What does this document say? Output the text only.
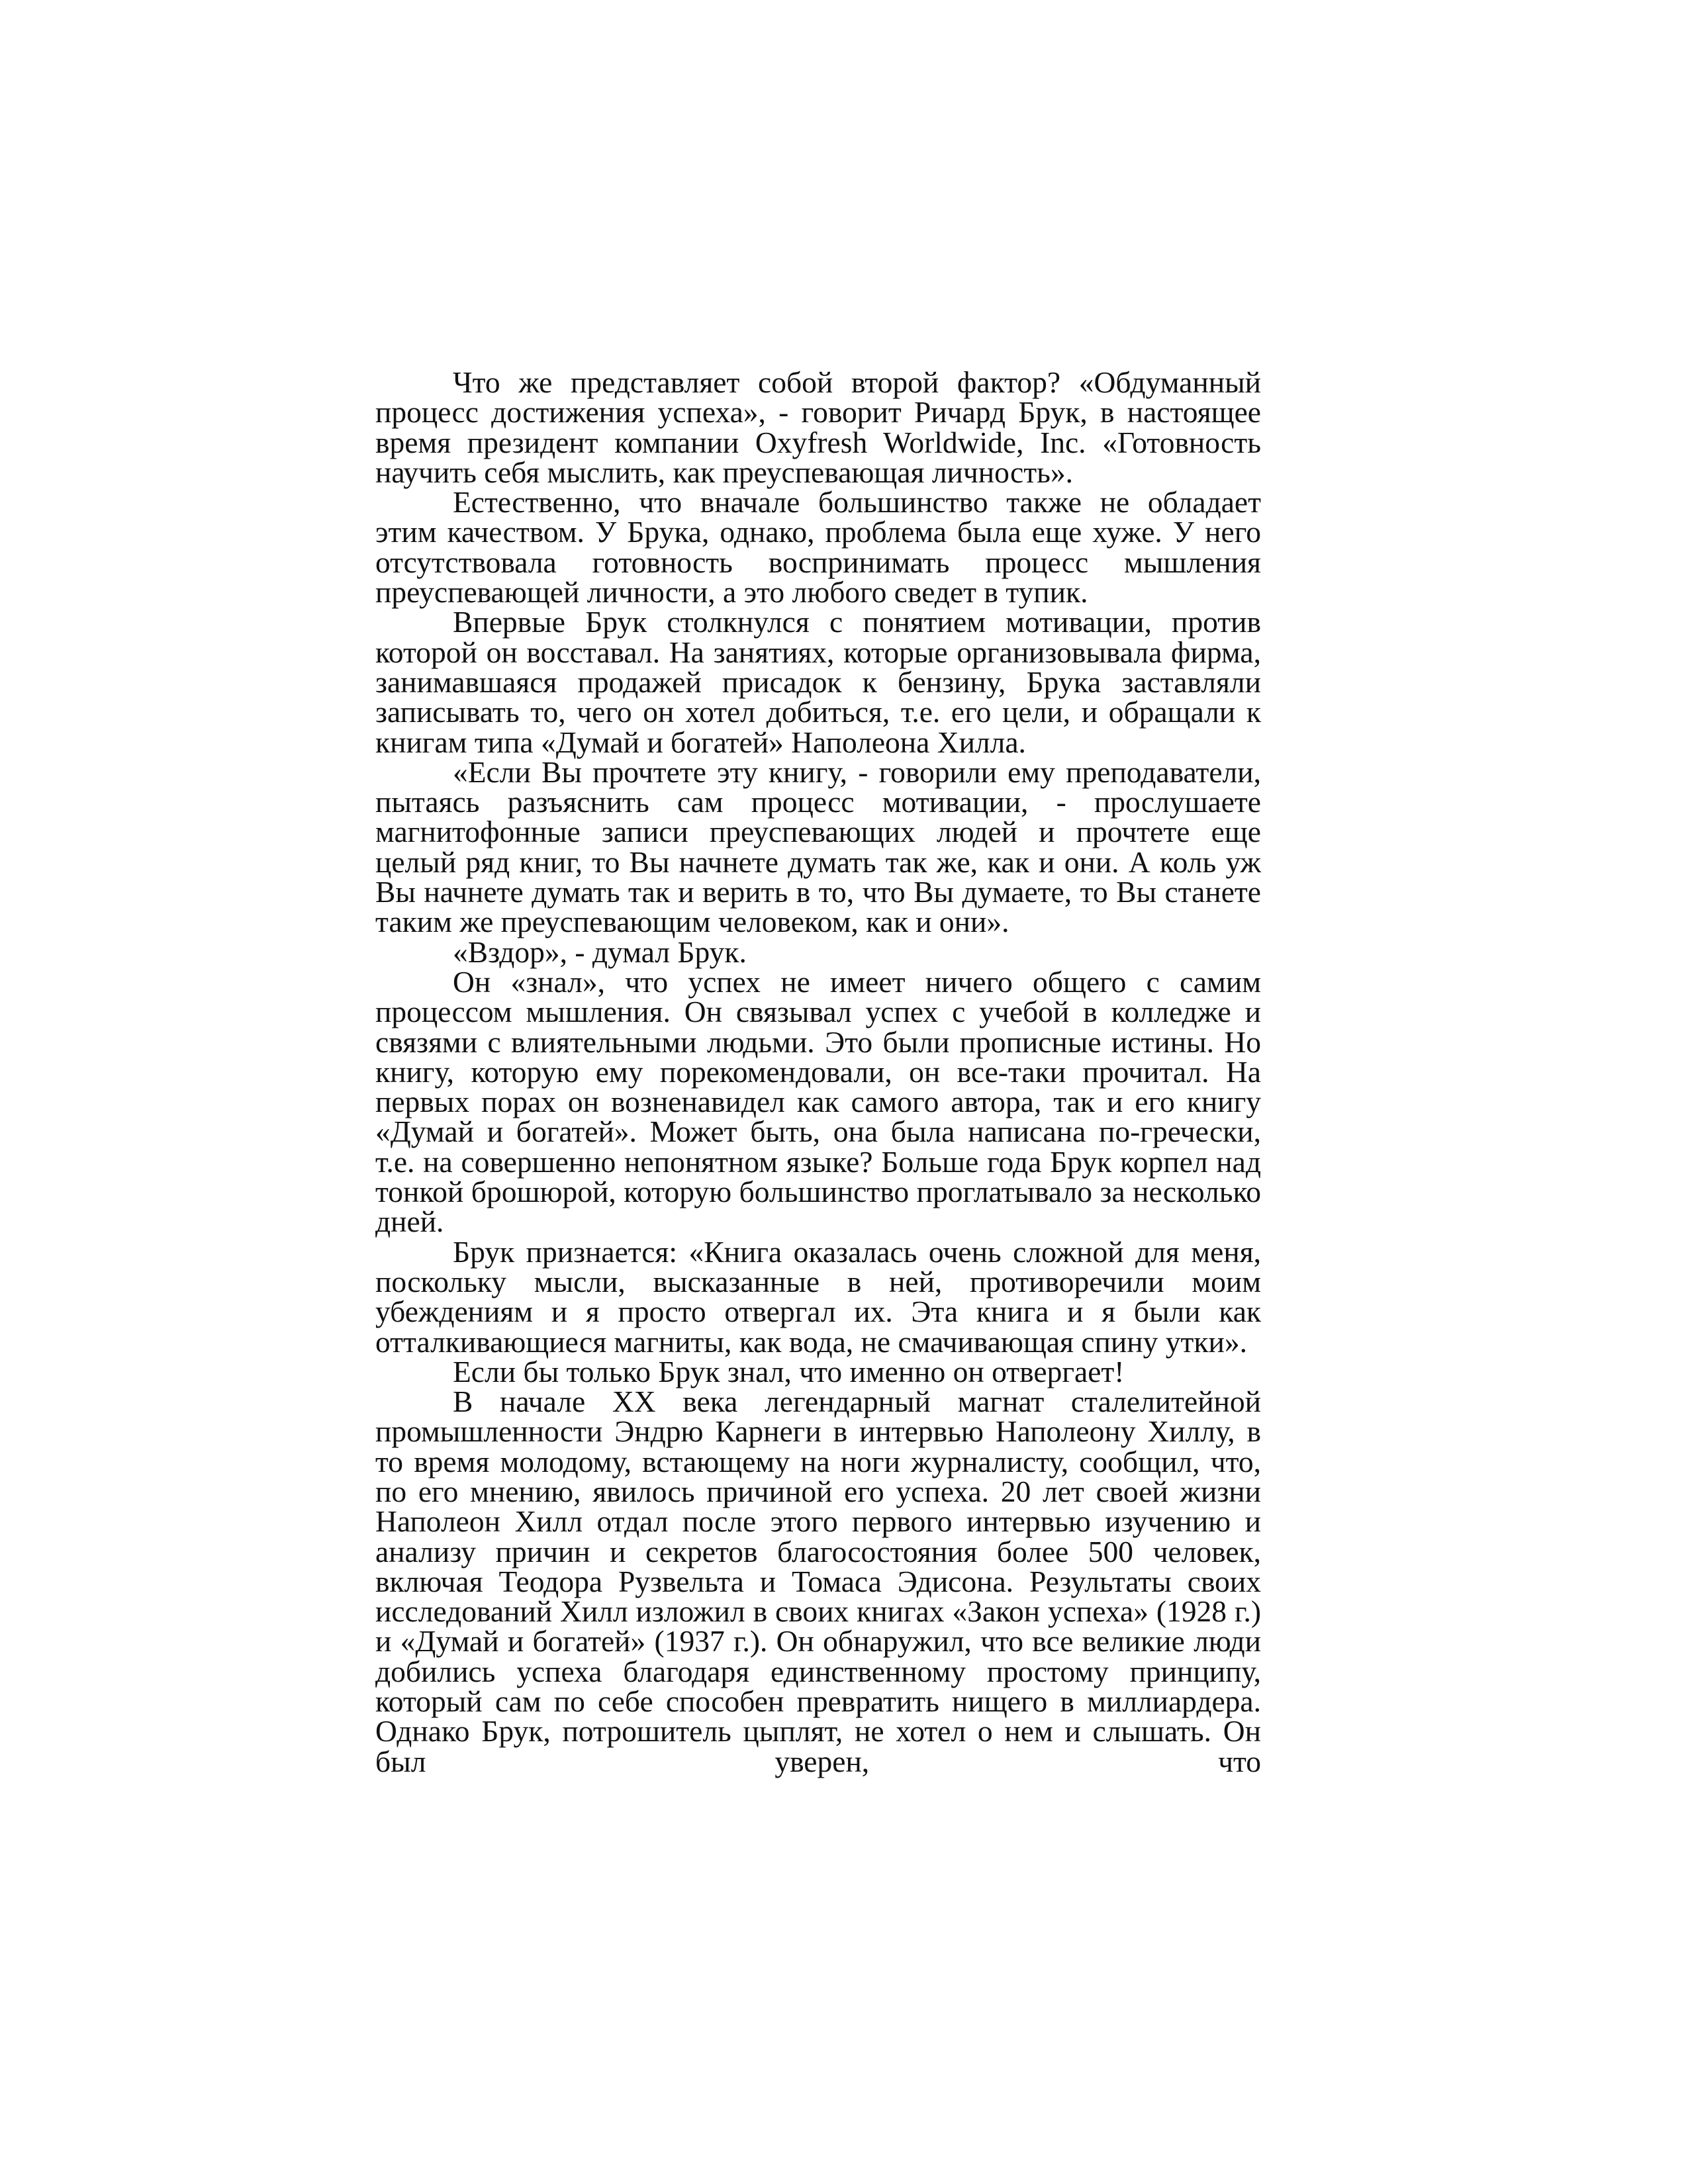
Что же представляет собой второй фактор? «Обдуманный процесс достижения успеха», - говорит Ричард Брук, в настоящее время президент компании Oxyfresh Worldwide, Inc. «Готовность научить себя мыслить, как преуспевающая личность».

Естественно, что вначале большинство также не обладает этим качеством. У Брука, однако, проблема была еще хуже. У него отсутствовала готовность воспринимать процесс мышления преуспевающей личности, а это любого сведет в тупик.

Впервые Брук столкнулся с понятием мотивации, против которой он восставал. На занятиях, которые организовывала фирма, занимавшаяся продажей присадок к бензину, Брука заставляли записывать то, чего он хотел добиться, т.е. его цели, и обращали к книгам типа «Думай и богатей» Наполеона Хилла.

«Если Вы прочтете эту книгу, - говорили ему преподаватели, пытаясь разъяснить сам процесс мотивации, - прослушаете магнитофонные записи преуспевающих людей и прочтете еще целый ряд книг, то Вы начнете думать так же, как и они. А коль уж Вы начнете думать так и верить в то, что Вы думаете, то Вы станете таким же преуспевающим человеком, как и они».

«Вздор», - думал Брук.

Он «знал», что успех не имеет ничего общего с самим процессом мышления. Он связывал успех с учебой в колледже и связями с влиятельными людьми. Это были прописные истины. Но книгу, которую ему порекомендовали, он все-таки прочитал. На первых порах он возненавидел как самого автора, так и его книгу «Думай и богатей». Может быть, она была написана по-гречески, т.е. на совершенно непонятном языке? Больше года Брук корпел над тонкой брошюрой, которую большинство проглатывало за несколько дней.

Брук признается: «Книга оказалась очень сложной для меня, поскольку мысли, высказанные в ней, противоречили моим убеждениям и я просто отвергал их. Эта книга и я были как отталкивающиеся магниты, как вода, не смачивающая спину утки».

Если бы только Брук знал, что именно он отвергает!

В начале XX века легендарный магнат сталелитейной промышленности Эндрю Карнеги в интервью Наполеону Хиллу, в то время молодому, встающему на ноги журналисту, сообщил, что, по его мнению, явилось причиной его успеха. 20 лет своей жизни Наполеон Хилл отдал после этого первого интервью изучению и анализу причин и секретов благосостояния более 500 человек, включая Теодора Рузвельта и Томаса Эдисона. Результаты своих исследований Хилл изложил в своих книгах «Закон успеха» (1928 г.) и «Думай и богатей» (1937 г.). Он обнаружил, что все великие люди добились успеха благодаря единственному простому принципу, который сам по себе способен превратить нищего в миллиардера. Однако Брук, потрошитель цыплят, не хотел о нем и слышать. Он был уверен, что
